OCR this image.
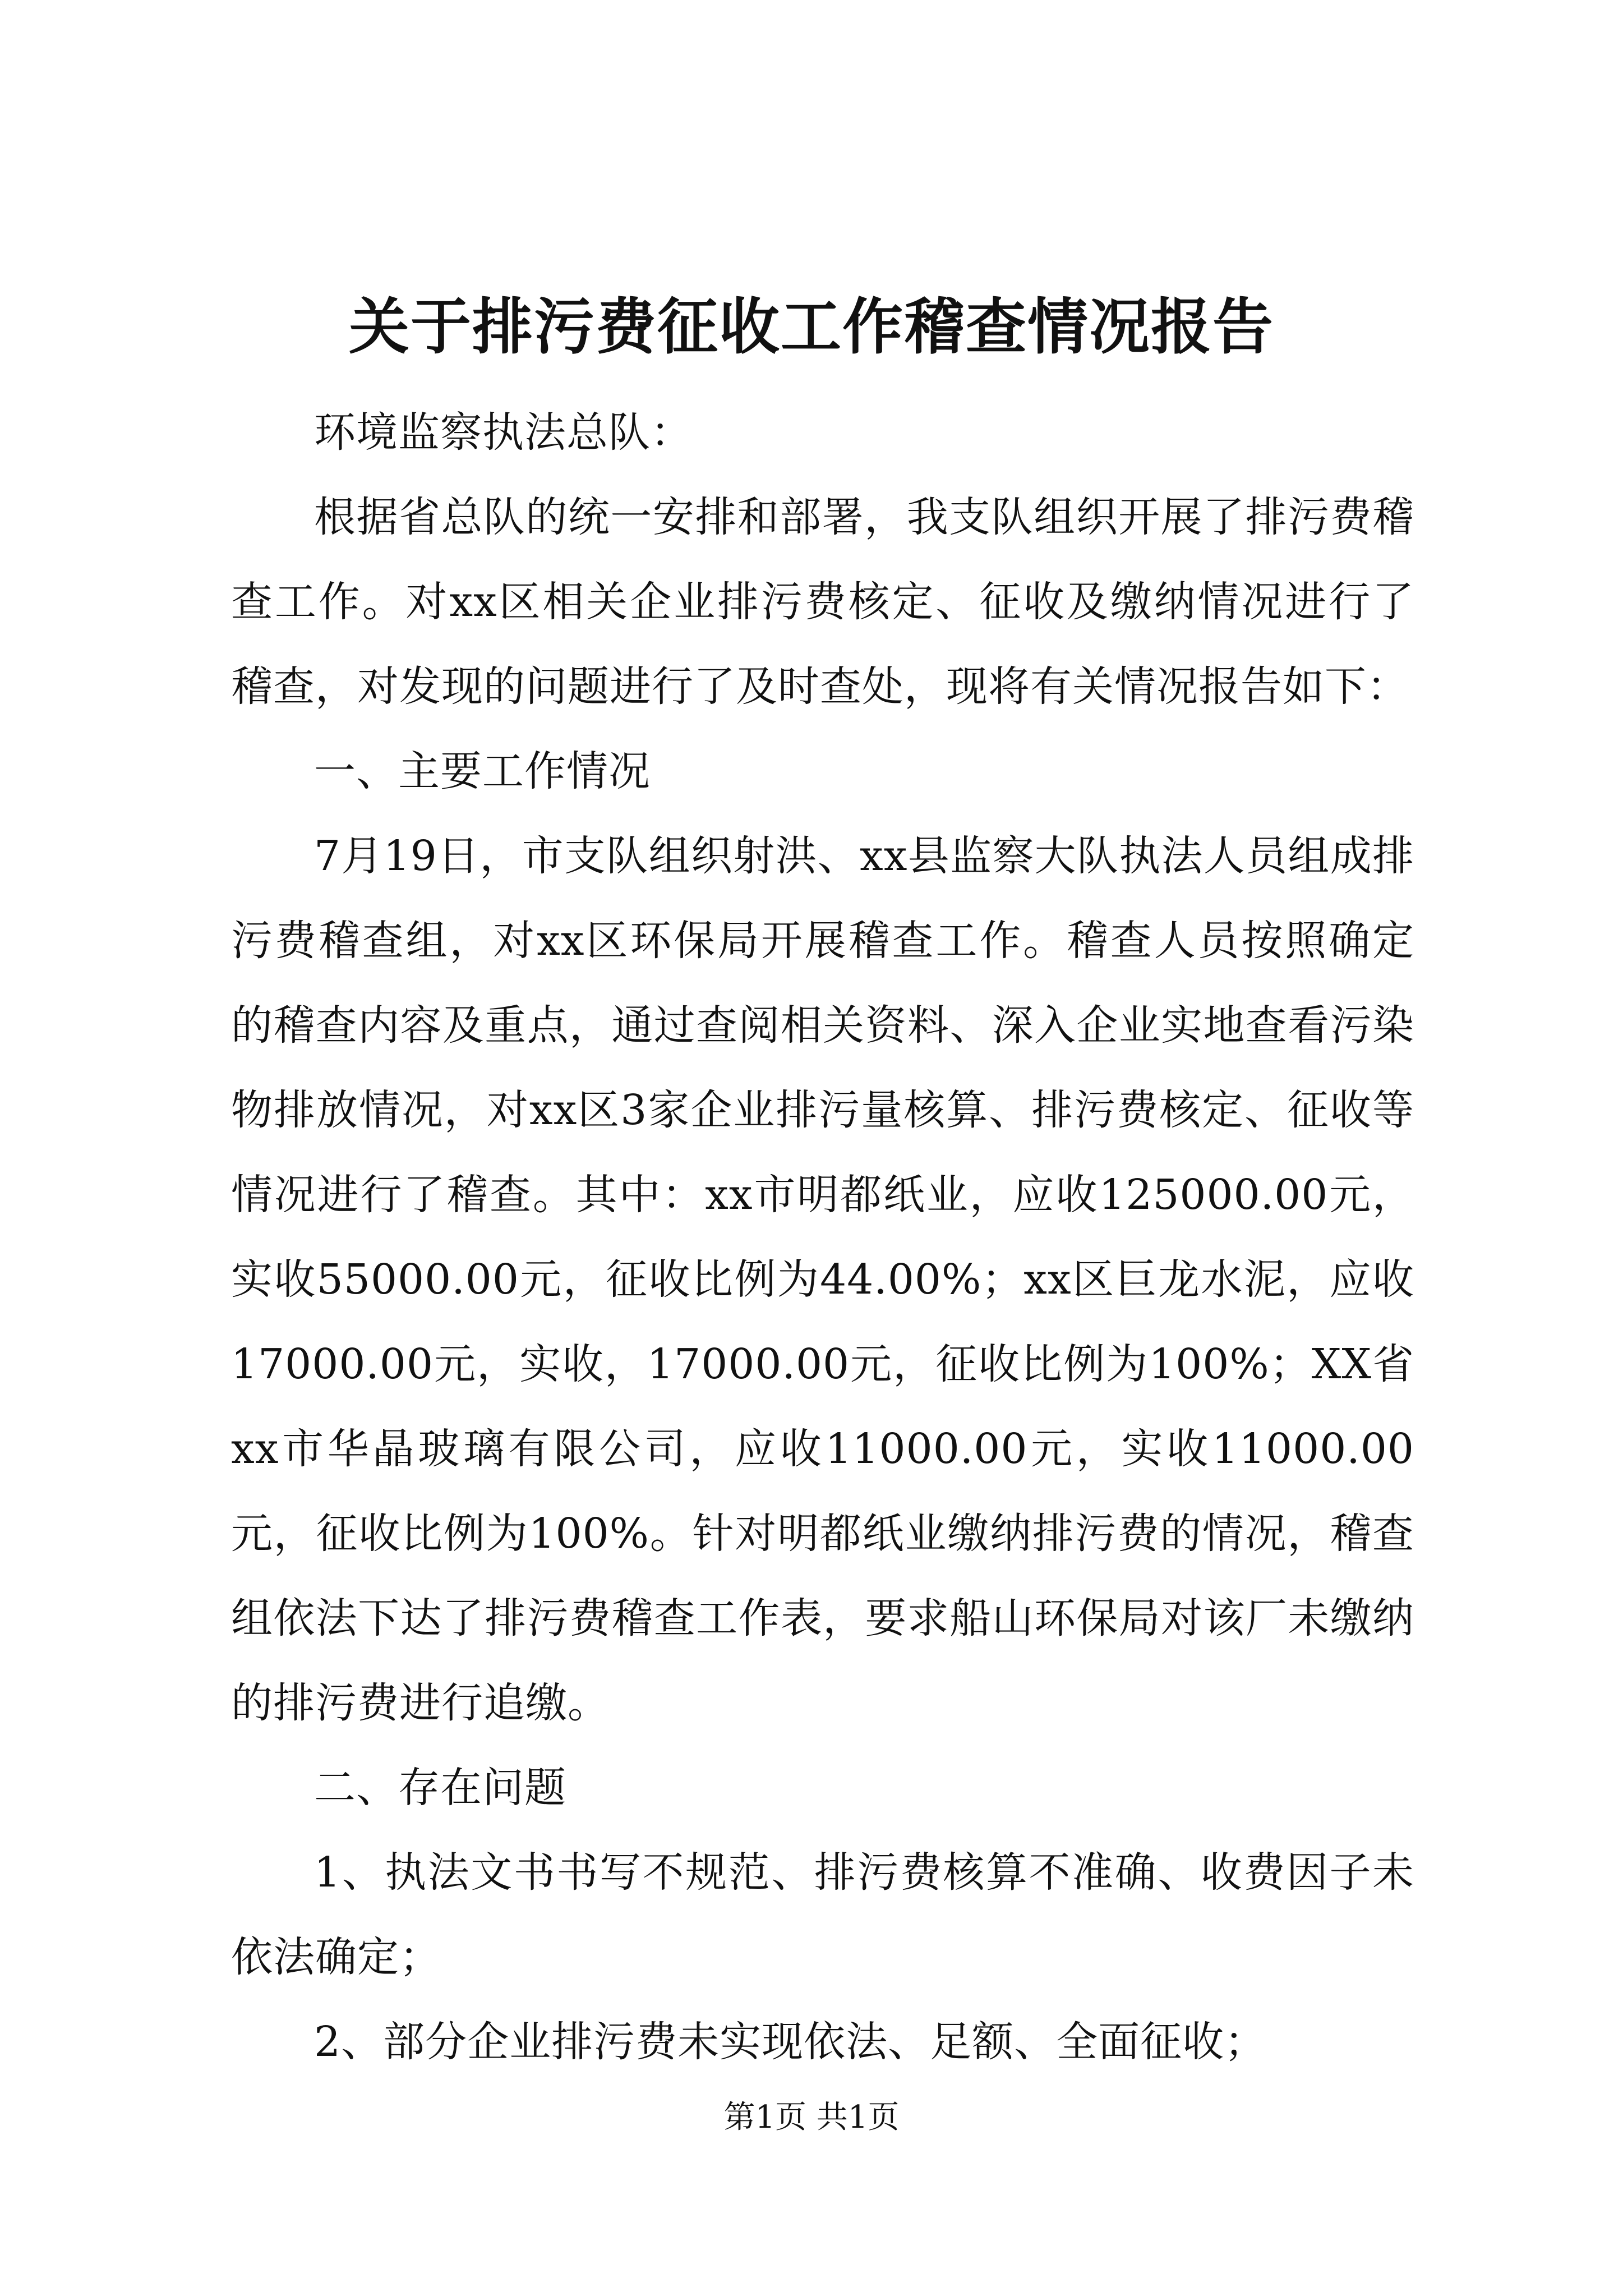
关于排污费征收工作稽查情况报告

环境监察执法总队：

根据省总队的统一安排和部署，我支队组织开展了排污费稽查工作。对xx区相关企业排污费核定、征收及缴纳情况进行了稽查，对发现的问题进行了及时查处，现将有关情况报告如下：

一、主要工作情况

7月19日，市支队组织射洪、xx县监察大队执法人员组成排污费稽查组，对xx区环保局开展稽查工作。稽查人员按照确定的稽查内容及重点，通过查阅相关资料、深入企业实地查看污染物排放情况，对xx区3家企业排污量核算、排污费核定、征收等情况进行了稽查。其中：xx市明都纸业，应收125000.00元，实收55000.00元，征收比例为44.00%；xx区巨龙水泥，应收17000.00元，实收，17000.00元，征收比例为100%；XX省xx市华晶玻璃有限公司，应收11000.00元，实收11000.00元，征收比例为100%。针对明都纸业缴纳排污费的情况，稽查组依法下达了排污费稽查工作表，要求船山环保局对该厂未缴纳的排污费进行追缴。

二、存在问题

1、执法文书书写不规范、排污费核算不准确、收费因子未依法确定；

2、部分企业排污费未实现依法、足额、全面征收；

第1页 共1页
